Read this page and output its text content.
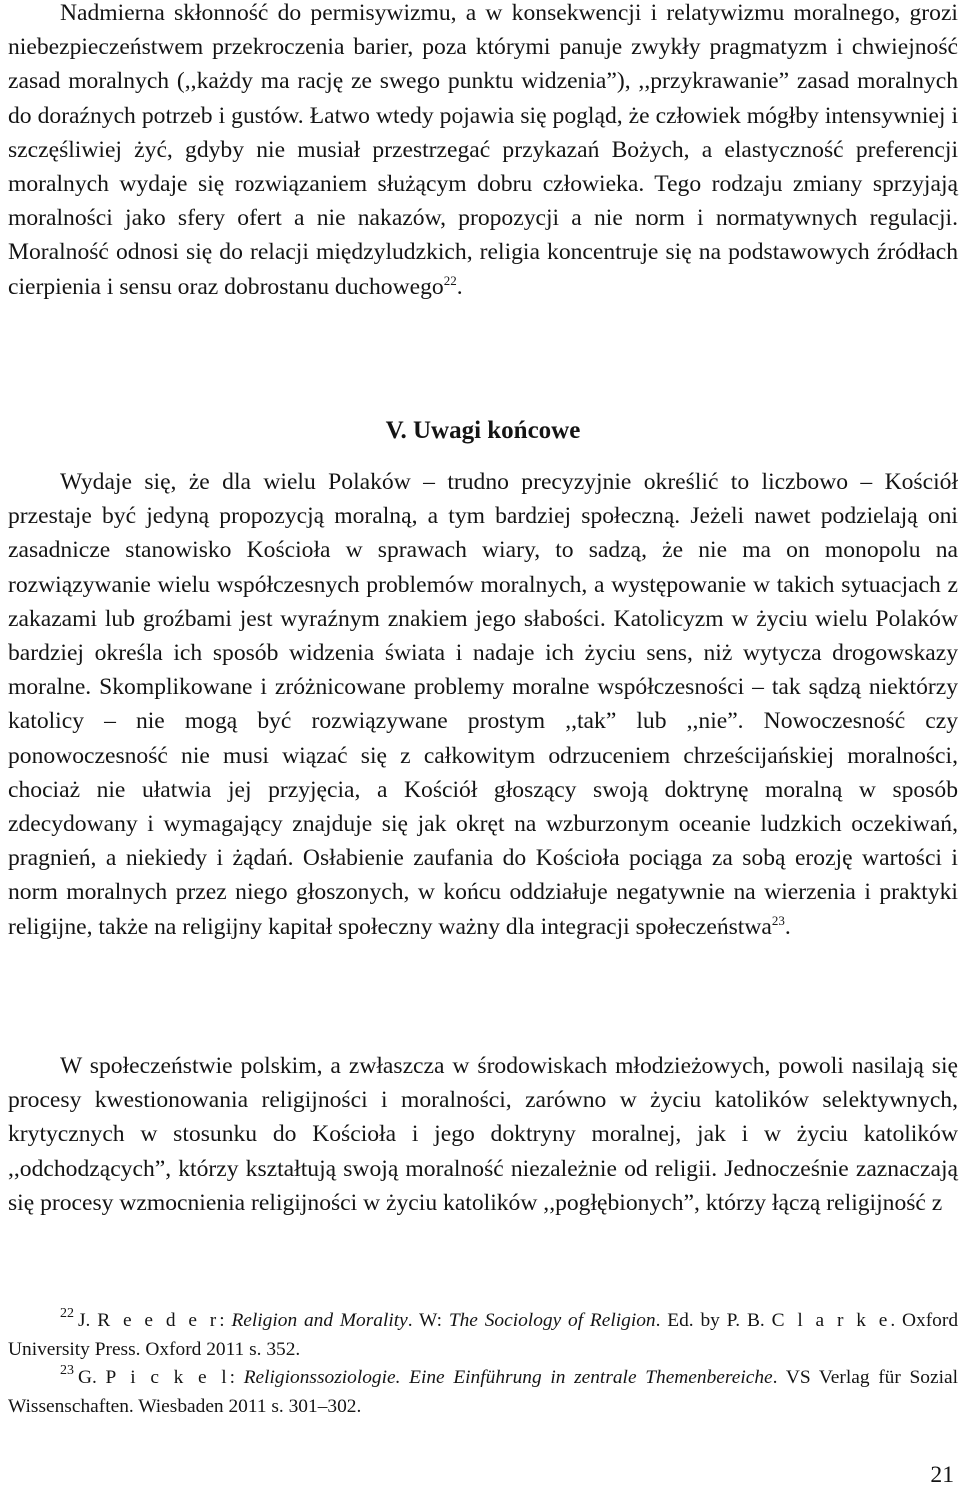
Nadmierna skłonność do permisywizmu, a w konsekwencji i relatywizmu moralnego, grozi niebezpieczeństwem przekroczenia barier, poza którymi panuje zwykły pragmatyzm i chwiejność zasad moralnych (,,każdy ma rację ze swego punktu widzenia”), ,,przykrawanie” zasad moralnych do doraźnych potrzeb i gustów. Łatwo wtedy pojawia się pogląd, że człowiek mógłby intensywniej i szczęśliwiej żyć, gdyby nie musiał przestrzegać przykazań Bożych, a elastyczność preferencji moralnych wydaje się rozwiązaniem służącym dobru człowieka. Tego rodzaju zmiany sprzyjają moralności jako sfery ofert a nie nakazów, propozycji a nie norm i normatywnych regulacji. Moralność odnosi się do relacji międzyludzkich, religia koncentruje się na podstawowych źródłach cierpienia i sensu oraz dobrostanu duchowego$^{22}$.

V. Uwagi końcowe

Wydaje się, że dla wielu Polaków – trudno precyzyjnie określić to liczbowo – Kościół przestaje być jedyną propozycją moralną, a tym bardziej społeczną. Jeżeli nawet podzielają oni zasadnicze stanowisko Kościoła w sprawach wiary, to sadzą, że nie ma on monopolu na rozwiązywanie wielu współczesnych problemów moralnych, a występowanie w takich sytuacjach z zakazami lub groźbami jest wyraźnym znakiem jego słabości. Katolicyzm w życiu wielu Polaków bardziej określa ich sposób widzenia świata i nadaje ich życiu sens, niż wytycza drogowskazy moralne. Skomplikowane i zróżnicowane problemy moralne współczesności – tak sądzą niektórzy katolicy – nie mogą być rozwiązywane prostym ,,tak” lub ,,nie”. Nowoczesność czy ponowoczesność nie musi wiązać się z całkowitym odrzuceniem chrześcijańskiej moralności, chociaż nie ułatwia jej przyjęcia, a Kościół głoszący swoją doktrynę moralną w sposób zdecydowany i wymagający znajduje się jak okręt na wzburzonym oceanie ludzkich oczekiwań, pragnień, a niekiedy i żądań. Osłabienie zaufania do Kościoła pociąga za sobą erozję wartości i norm moralnych przez niego głoszonych, w końcu oddziałuje negatywnie na wierzenia i praktyki religijne, także na religijny kapitał społeczny ważny dla integracji społeczeństwa$^{23}$.

W społeczeństwie polskim, a zwłaszcza w środowiskach młodzieżowych, powoli nasilają się procesy kwestionowania religijności i moralności, zarówno w życiu katolików selektywnych, krytycznych w stosunku do Kościoła i jego doktryny moralnej, jak i w życiu katolików ,,odchodzących”, którzy kształtują swoją moralność niezależnie od religii. Jednocześnie zaznaczają się procesy wzmocnienia religijności w życiu katolików ,,pogłębionych”, którzy łączą religijność z

$^{22}$ J. R e e d e r: Religion and Morality. W: The Sociology of Religion. Ed. by P. B. C l a r k e. Oxford University Press. Oxford 2011 s. 352.

$^{23}$ G. P i c k e l: Religionssoziologie. Eine Einführung in zentrale Themenbereiche. VS Verlag für Sozial Wissenschaften. Wiesbaden 2011 s. 301–302.

21
